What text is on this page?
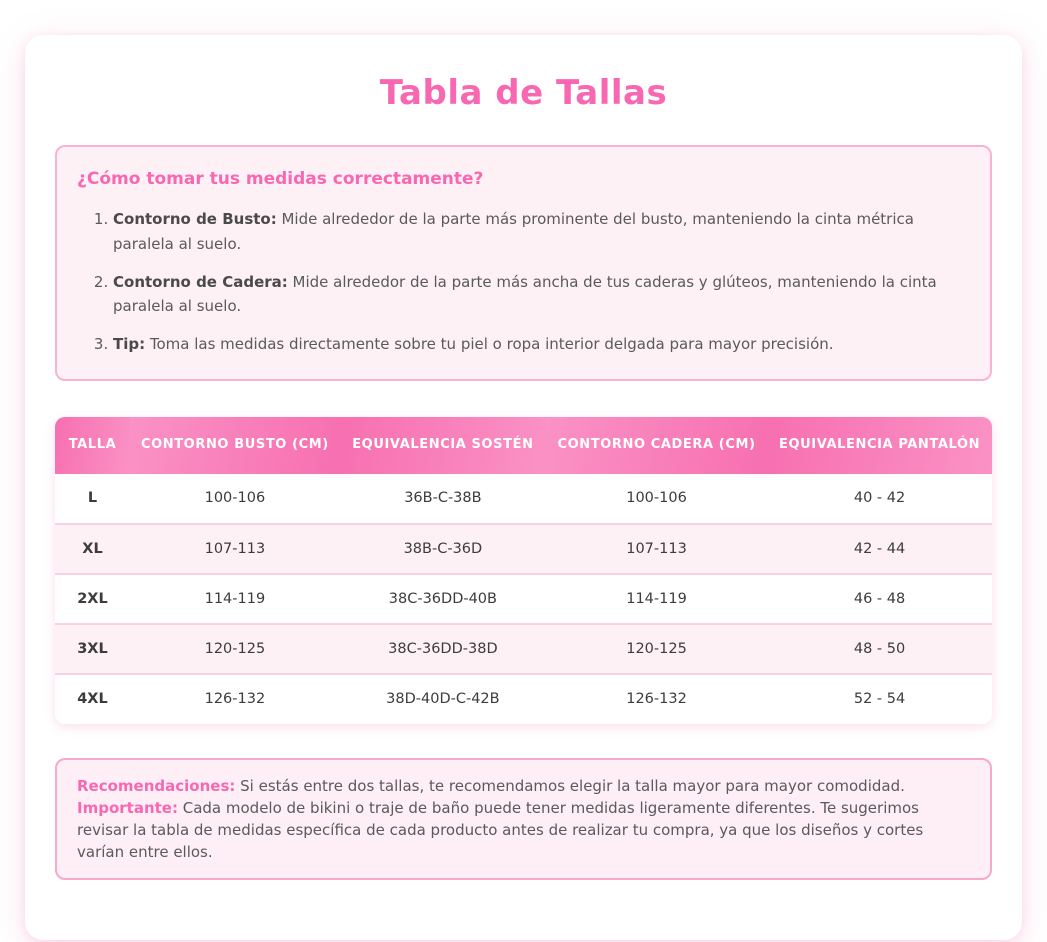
Tabla de Tallas
¿Cómo tomar tus medidas correctamente?
1. Contorno de Busto: Mide alrededor de la parte más prominente del busto, manteniendo la cinta métrica paralela al suelo.
2. Contorno de Cadera: Mide alrededor de la parte más ancha de tus caderas y glúteos, manteniendo la cinta paralela al suelo.
3. Tip: Toma las medidas directamente sobre tu piel o ropa interior delgada para mayor precisión.
TALLA	CONTORNO BUSTO (CM)	EQUIVALENCIA SOSTÉN	CONTORNO CADERA (CM)	EQUIVALENCIA PANTALÓN
L	100-106	36B-C-38B	100-106	40 - 42
XL	107-113	38B-C-36D	107-113	42 - 44
2XL	114-119	38C-36DD-40B	114-119	46 - 48
3XL	120-125	38C-36DD-38D	120-125	48 - 50
4XL	126-132	38D-40D-C-42B	126-132	52 - 54

Recomendaciones: Si estás entre dos tallas, te recomendamos elegir la talla mayor para mayor comodidad.

Importante: Cada modelo de bikini o traje de baño puede tener medidas ligeramente diferentes. Te sugerimos revisar la tabla de medidas específica de cada producto antes de realizar tu compra, ya que los diseños y cortes varían entre ellos.
